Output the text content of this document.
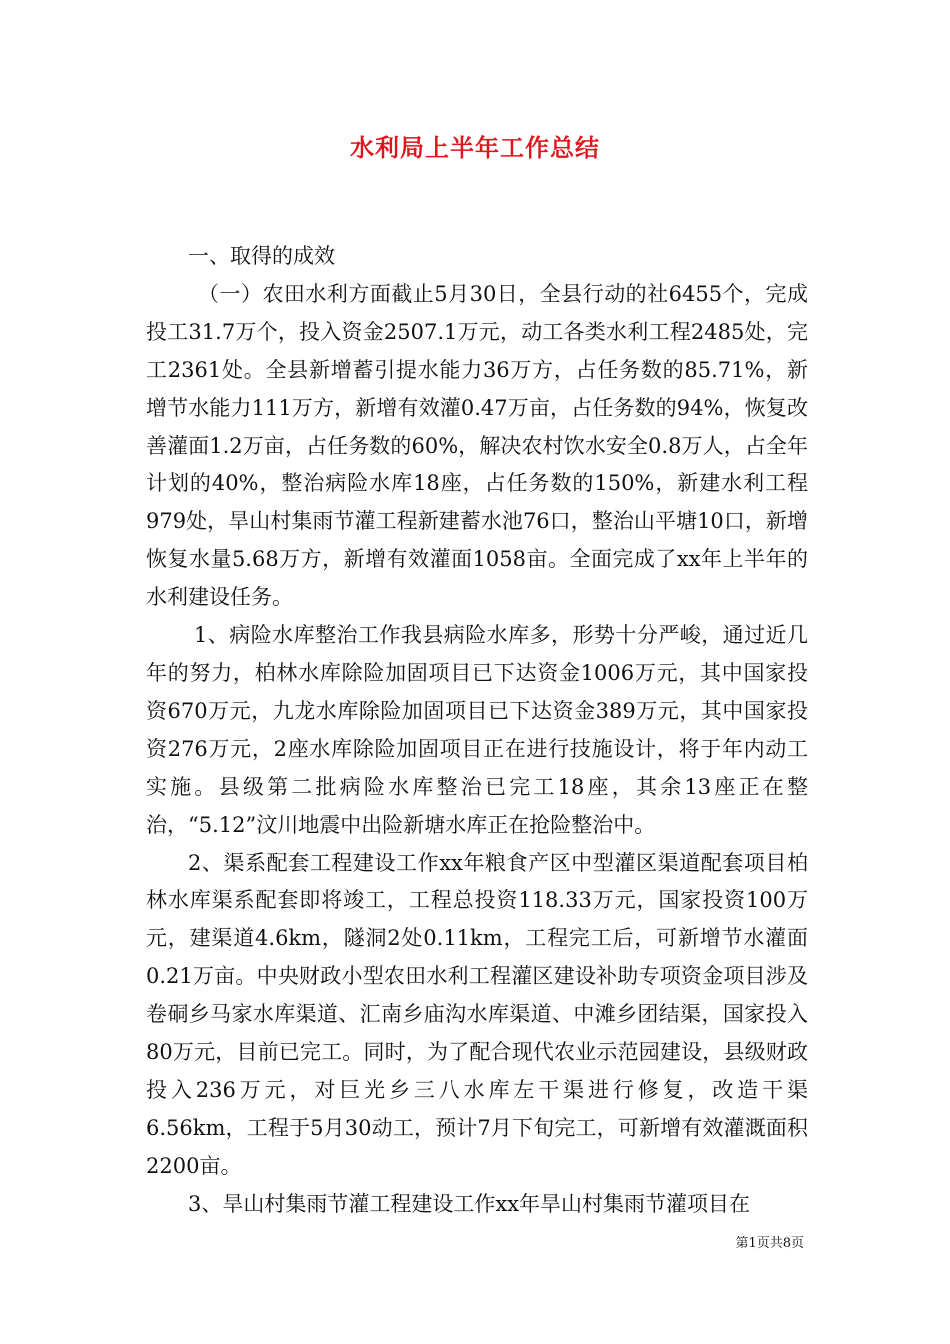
水利局上半年工作总结

一、取得的成效

（一）农田水利方面截止5月30日，全县行动的社6455个，完成投工31.7万个，投入资金2507.1万元，动工各类水利工程2485处，完工2361处。全县新增蓄引提水能力36万方，占任务数的85.71%，新增节水能力111万方，新增有效灌0.47万亩，占任务数的94%，恢复改善灌面1.2万亩，占任务数的60%，解决农村饮水安全0.8万人，占全年计划的40%，整治病险水库18座，占任务数的150%，新建水利工程979处，旱山村集雨节灌工程新建蓄水池76口，整治山平塘10口，新增恢复水量5.68万方，新增有效灌面1058亩。全面完成了xx年上半年的水利建设任务。

1、病险水库整治工作我县病险水库多，形势十分严峻，通过近几年的努力，柏林水库除险加固项目已下达资金1006万元，其中国家投资670万元，九龙水库除险加固项目已下达资金389万元，其中国家投资276万元，2座水库除险加固项目正在进行技施设计，将于年内动工实施。县级第二批病险水库整治已完工18座，其余13座正在整治，“5.12”汶川地震中出险新塘水库正在抢险整治中。

2、渠系配套工程建设工作xx年粮食产区中型灌区渠道配套项目柏林水库渠系配套即将竣工，工程总投资118.33万元，国家投资100万元，建渠道4.6km，隧洞2处0.11km，工程完工后，可新增节水灌面0.21万亩。中央财政小型农田水利工程灌区建设补助专项资金项目涉及卷硐乡马家水库渠道、汇南乡庙沟水库渠道、中滩乡团结渠，国家投入80万元，目前已完工。同时，为了配合现代农业示范园建设，县级财政投入236万元，对巨光乡三八水库左干渠进行修复，改造干渠6.56km，工程于5月30动工，预计7月下旬完工，可新增有效灌溉面积2200亩。

3、旱山村集雨节灌工程建设工作xx年旱山村集雨节灌项目在

第1页共8页
